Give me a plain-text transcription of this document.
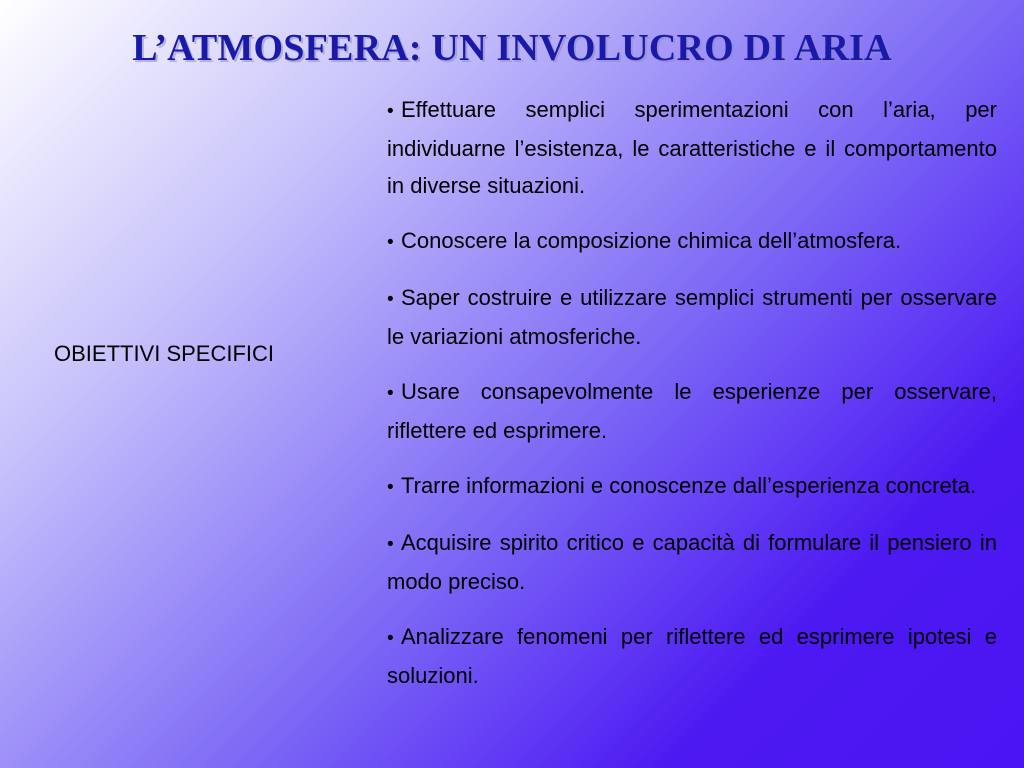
L’ATMOSFERA: UN INVOLUCRO DI ARIA
OBIETTIVI SPECIFICI
• Effettuare semplici sperimentazioni con l’aria, per individuarne l’esistenza, le caratteristiche e il comportamento in diverse situazioni.
• Conoscere la composizione chimica dell’atmosfera.
• Saper costruire e utilizzare semplici strumenti per osservare le variazioni atmosferiche.
• Usare consapevolmente le esperienze per osservare, riflettere ed esprimere.
• Trarre informazioni e conoscenze dall’esperienza concreta.
• Acquisire spirito critico e capacità di formulare il pensiero in modo preciso.
• Analizzare fenomeni per riflettere ed esprimere ipotesi e soluzioni.
